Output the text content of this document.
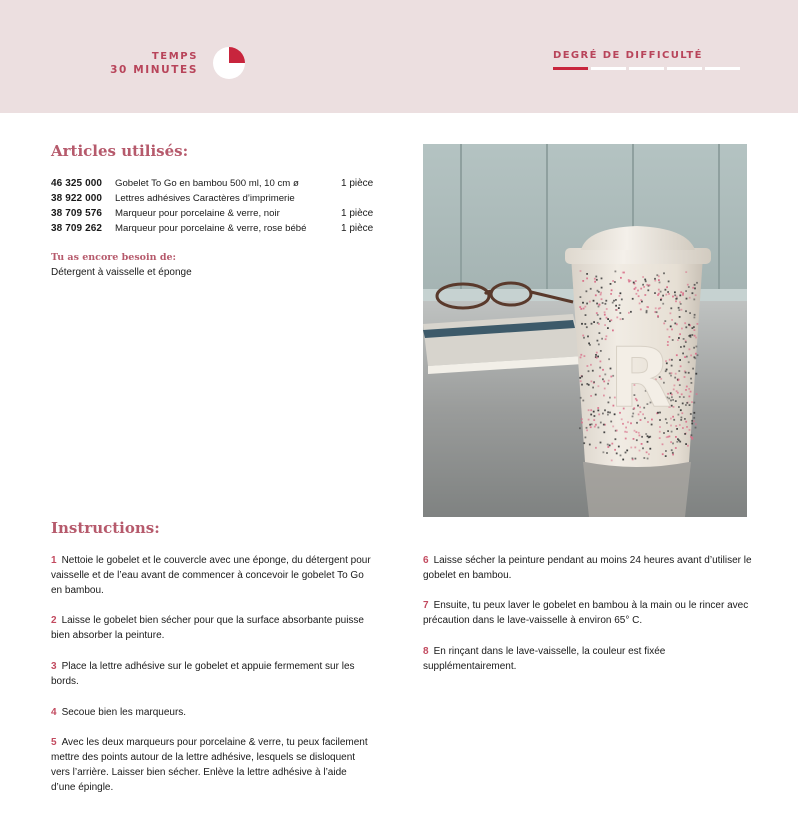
TEMPS
30 MINUTES
DEGRÉ DE DIFFICULTÉ
Articles utilisés:
46 325 000	Gobelet To Go en bambou 500 ml, 10 cm ø	1 pièce
38 922 000	Lettres adhésives Caractères d’imprimerie	
38 709 576	Marqueur pour porcelaine & verre, noir	1 pièce
38 709 262	Marqueur pour porcelaine & verre, rose bébé	1 pièce
Tu as encore besoin de:
Détergent à vaisselle et éponge
R
Instructions:
1 Nettoie le gobelet et le couvercle avec une éponge, du détergent pour vaisselle et de l’eau avant de commencer à concevoir le gobelet To Go en bambou.
2 Laisse le gobelet bien sécher pour que la surface absorbante puisse bien absorber la peinture.
3 Place la lettre adhésive sur le gobelet et appuie fermement sur les bords.
4 Secoue bien les marqueurs.
5 Avec les deux marqueurs pour porcelaine & verre, tu peux facilement mettre des points autour de la lettre adhésive, lesquels se disloquent vers l’arrière. Laisser bien sécher. Enlève la lettre adhésive à l’aide d’une épingle.
6 Laisse sécher la peinture pendant au moins 24 heures avant d’utiliser le gobelet en bambou.
7 Ensuite, tu peux laver le gobelet en bambou à la main ou le rincer avec précaution dans le lave-vaisselle à environ 65° C.
8 En rinçant dans le lave-vaisselle, la couleur est fixée supplémentairement.
